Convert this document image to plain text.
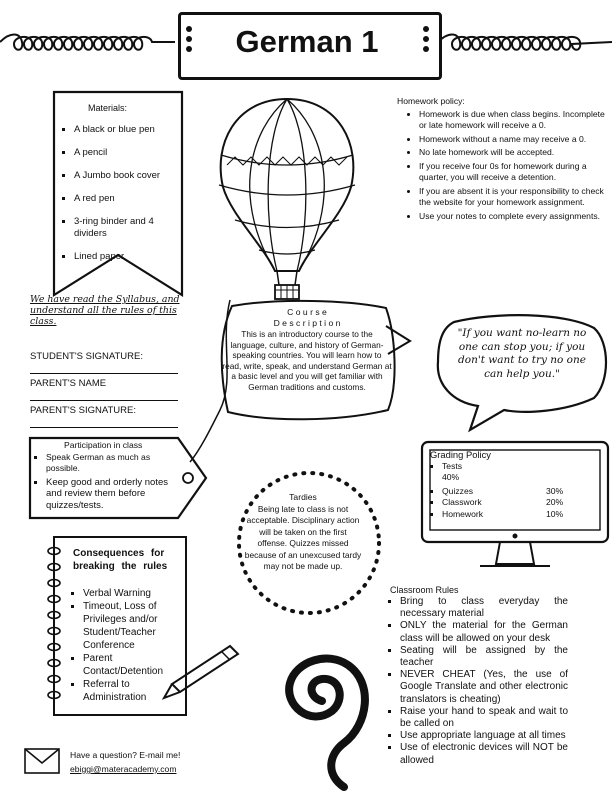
German 1
Materials:
▪ A black or blue pen
▪ A pencil
▪ A Jumbo book cover
▪ A red pen
▪ 3-ring binder and 4 dividers
▪ Lined paper
Homework policy:
• Homework is due when class begins. Incomplete or late homework will receive a 0.
• Homework without a name may receive a 0.
• No late homework will be accepted.
• If you receive four 0s for homework during a quarter, you will receive a detention.
• If you are absent it is your responsibility to check the website for your homework assignment.
• Use your notes to complete every assignments.
We have read the Syllabus, and understand all the rules of this class.
STUDENT'S SIGNATURE:
PARENT'S NAME
PARENT'S SIGNATURE:
C o u r s e
D e s c r i p t i o n
This is an introductory course to the language, culture, and history of German-speaking countries. You will learn how to read, write, speak, and understand German at a basic level and you will get familiar with German traditions and customs.
"If you want no-learn no one can stop you; if you don't want to try no one can help you."
Participation in class
▪ Speak German as much as possible.
▪ Keep good and orderly notes and review them before quizzes/tests.
Tardies
Being late to class is not acceptable. Disciplinary action will be taken on the first offense. Quizzes missed because of an unexcused tardy may not be made up.
Grading Policy
▪ Tests
40%
▪ Quizzes	30%
▪ Classwork	20%
▪ Homework	10%
Consequences for breaking the rules
▪ Verbal Warning
▪ Timeout, Loss of Privileges and/or Student/Teacher Conference
▪ Parent Contact/Detention
▪ Referral to Administration
Classroom Rules
▪ Bring to class everyday the necessary material
▪ ONLY the material for the German class will be allowed on your desk
▪ Seating will be assigned by the teacher
▪ NEVER CHEAT (Yes, the use of Google Translate and other electronic translators is cheating)
▪ Raise your hand to speak and wait to be called on
▪ Use appropriate language at all times
▪ Use of electronic devices will NOT be allowed
Have a question? E-mail me!
ebiggi@materacademy.com
